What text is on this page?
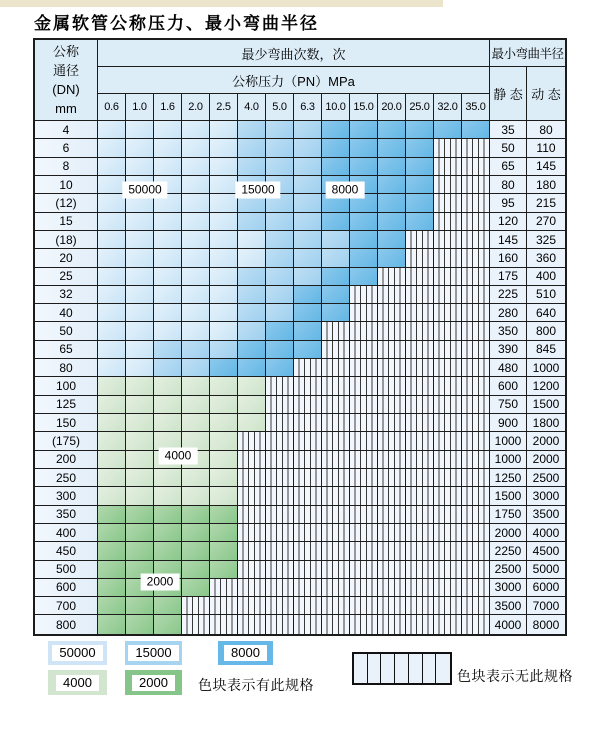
金属软管公称压力、最小弯曲半径
公称
通径
(DN)
mm
最少弯曲次数，次	最小弯曲半径
公称压力（PN）MPa
静 态 动 态
0.6	1.0	1.6	2.0	2.5	4.0	5.0	6.3 10.0 15.0 20.0 25.0 32.0 35.0
4	35	80
6	50	110
8	65	145
10	80	180
(12)	95	215
15	120	270
(18)	145	325
20	160	360
25	175	400
32	225	510
40	280	640
50	350	800
65	390	845
80	480	1000
100	600	1200
125	750	1500
150	900	1800
(175)	1000 2000
200	1000 2000
250	1250 2500
300	1500 3000
350	1750 3500
400	2000 4000
450	2250 4500
500	2500 5000
600	3000 6000
700	3500 7000
800	4000 8000
50000	15000	8000
4000
2000
色块表示有此规格
色块表示无此规格
50000	15000	8000
4000	2000
